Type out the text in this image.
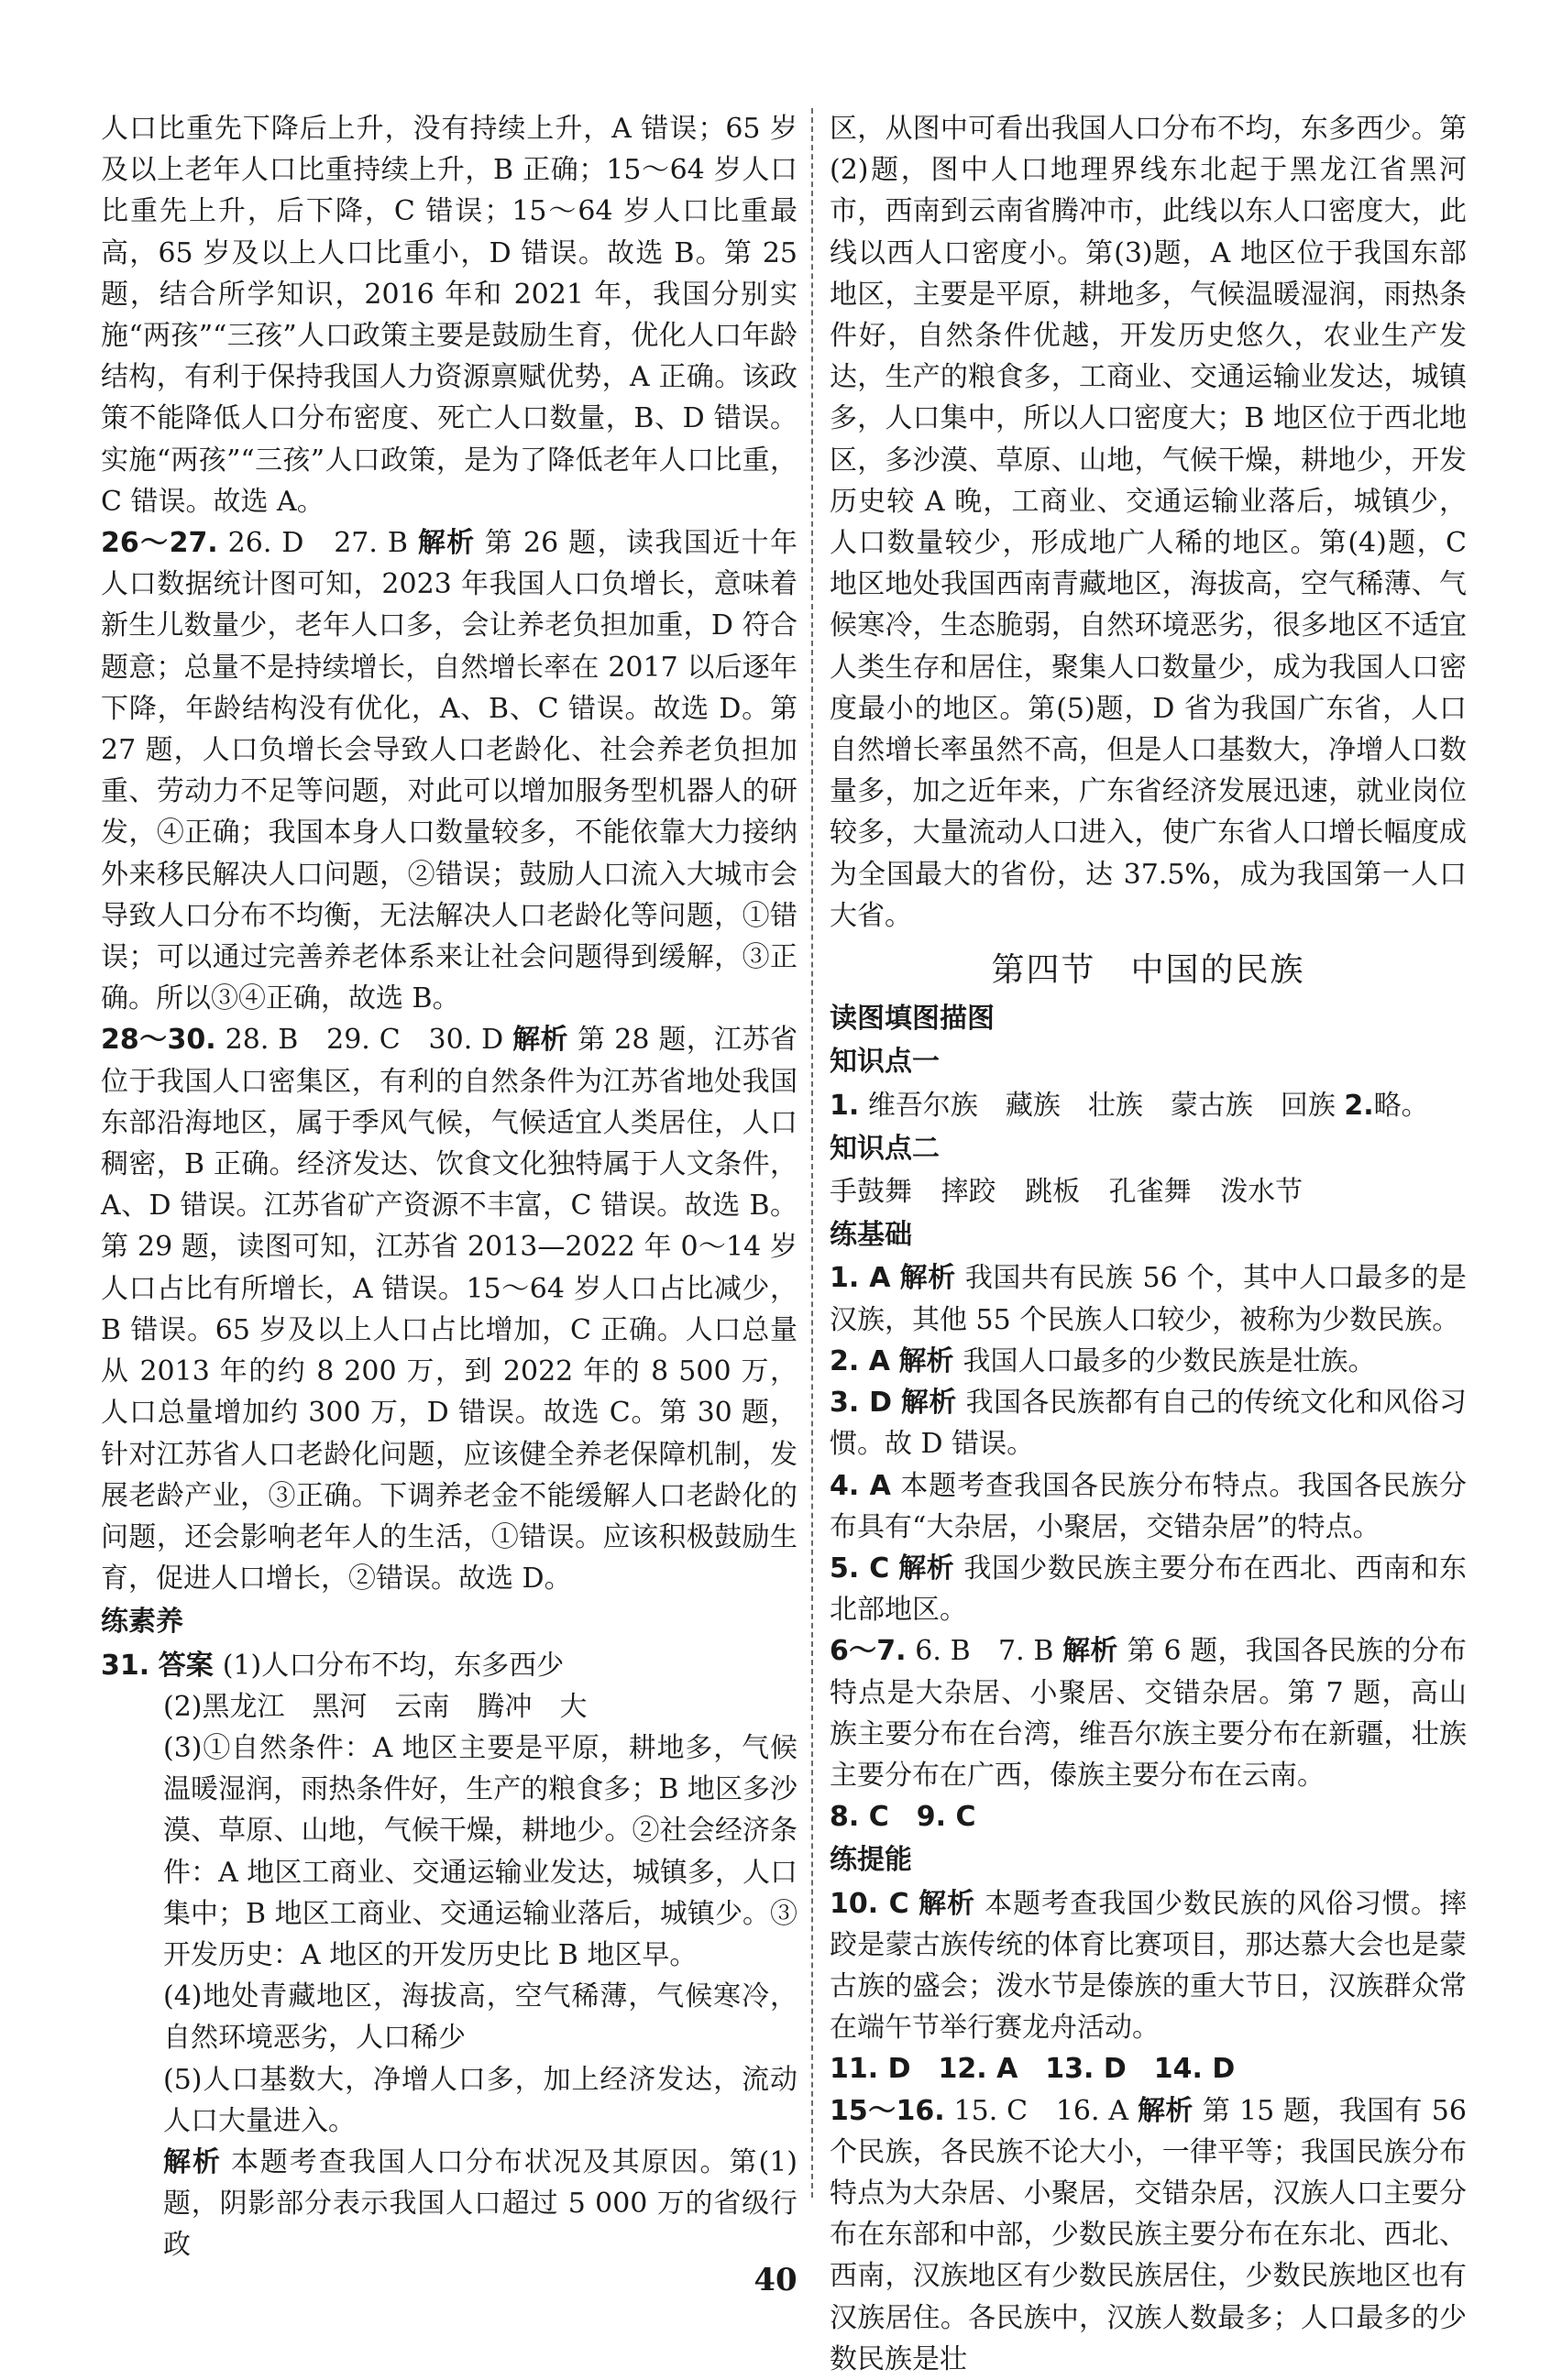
人口比重先下降后上升，没有持续上升，A 错误；65 岁及以上老年人口比重持续上升，B 正确；15～64 岁人口比重先上升，后下降，C 错误；15～64 岁人口比重最高，65 岁及以上人口比重小，D 错误。故选 B。第 25 题，结合所学知识，2016 年和 2021 年，我国分别实施“两孩”“三孩”人口政策主要是鼓励生育，优化人口年龄结构，有利于保持我国人力资源禀赋优势，A 正确。该政策不能降低人口分布密度、死亡人口数量，B、D 错误。实施“两孩”“三孩”人口政策，是为了降低老年人口比重，C 错误。故选 A。

26～27. 26. D　27. B 解析 第 26 题，读我国近十年人口数据统计图可知，2023 年我国人口负增长，意味着新生儿数量少，老年人口多，会让养老负担加重，D 符合题意；总量不是持续增长，自然增长率在 2017 以后逐年下降，年龄结构没有优化，A、B、C 错误。故选 D。第 27 题，人口负增长会导致人口老龄化、社会养老负担加重、劳动力不足等问题，对此可以增加服务型机器人的研发，④正确；我国本身人口数量较多，不能依靠大力接纳外来移民解决人口问题，②错误；鼓励人口流入大城市会导致人口分布不均衡，无法解决人口老龄化等问题，①错误；可以通过完善养老体系来让社会问题得到缓解，③正确。所以③④正确，故选 B。

28～30. 28. B　29. C　30. D 解析 第 28 题，江苏省位于我国人口密集区，有利的自然条件为江苏省地处我国东部沿海地区，属于季风气候，气候适宜人类居住，人口稠密，B 正确。经济发达、饮食文化独特属于人文条件，A、D 错误。江苏省矿产资源不丰富，C 错误。故选 B。第 29 题，读图可知，江苏省 2013—2022 年 0～14 岁人口占比有所增长，A 错误。15～64 岁人口占比减少，B 错误。65 岁及以上人口占比增加，C 正确。人口总量从 2013 年的约 8 200 万，到 2022 年的 8 500 万，人口总量增加约 300 万，D 错误。故选 C。第 30 题，针对江苏省人口老龄化问题，应该健全养老保障机制，发展老龄产业，③正确。下调养老金不能缓解人口老龄化的问题，还会影响老年人的生活，①错误。应该积极鼓励生育，促进人口增长，②错误。故选 D。

练素养

31. 答案 (1)人口分布不均，东多西少

(2)黑龙江　黑河　云南　腾冲　大

(3)①自然条件：A 地区主要是平原，耕地多，气候温暖湿润，雨热条件好，生产的粮食多；B 地区多沙漠、草原、山地，气候干燥，耕地少。②社会经济条件：A 地区工商业、交通运输业发达，城镇多，人口集中；B 地区工商业、交通运输业落后，城镇少。③开发历史：A 地区的开发历史比 B 地区早。

(4)地处青藏地区，海拔高，空气稀薄，气候寒冷，自然环境恶劣，人口稀少

(5)人口基数大，净增人口多，加上经济发达，流动人口大量进入。

解析 本题考查我国人口分布状况及其原因。第(1)题，阴影部分表示我国人口超过 5 000 万的省级行政

区，从图中可看出我国人口分布不均，东多西少。第(2)题，图中人口地理界线东北起于黑龙江省黑河市，西南到云南省腾冲市，此线以东人口密度大，此线以西人口密度小。第(3)题，A 地区位于我国东部地区，主要是平原，耕地多，气候温暖湿润，雨热条件好，自然条件优越，开发历史悠久，农业生产发达，生产的粮食多，工商业、交通运输业发达，城镇多，人口集中，所以人口密度大；B 地区位于西北地区，多沙漠、草原、山地，气候干燥，耕地少，开发历史较 A 晚，工商业、交通运输业落后，城镇少，人口数量较少，形成地广人稀的地区。第(4)题，C 地区地处我国西南青藏地区，海拔高，空气稀薄、气候寒冷，生态脆弱，自然环境恶劣，很多地区不适宜人类生存和居住，聚集人口数量少，成为我国人口密度最小的地区。第(5)题，D 省为我国广东省，人口自然增长率虽然不高，但是人口基数大，净增人口数量多，加之近年来，广东省经济发展迅速，就业岗位较多，大量流动人口进入，使广东省人口增长幅度成为全国最大的省份，达 37.5%，成为我国第一人口大省。

第四节　中国的民族
读图填图描图
知识点一

1. 维吾尔族　藏族　壮族　蒙古族　回族 2.略。

知识点二

手鼓舞 摔跤 跳板 孔雀舞 泼水节

练基础

1. A 解析 我国共有民族 56 个，其中人口最多的是汉族，其他 55 个民族人口较少，被称为少数民族。

2. A 解析 我国人口最多的少数民族是壮族。

3. D 解析 我国各民族都有自己的传统文化和风俗习惯。故 D 错误。

4. A 本题考查我国各民族分布特点。我国各民族分布具有“大杂居，小聚居，交错杂居”的特点。

5. C 解析 我国少数民族主要分布在西北、西南和东北部地区。

6～7. 6. B　7. B 解析 第 6 题，我国各民族的分布特点是大杂居、小聚居、交错杂居。第 7 题，高山族主要分布在台湾，维吾尔族主要分布在新疆，壮族主要分布在广西，傣族主要分布在云南。

8. C　9. C

练提能

10. C 解析 本题考查我国少数民族的风俗习惯。摔跤是蒙古族传统的体育比赛项目，那达慕大会也是蒙古族的盛会；泼水节是傣族的重大节日，汉族群众常在端午节举行赛龙舟活动。

11. D　12. A　13. D　14. D

15～16. 15. C　16. A 解析 第 15 题，我国有 56 个民族，各民族不论大小，一律平等；我国民族分布特点为大杂居、小聚居，交错杂居，汉族人口主要分布在东部和中部，少数民族主要分布在东北、西北、西南，汉族地区有少数民族居住，少数民族地区也有汉族居住。各民族中，汉族人数最多；人口最多的少数民族是壮

40
